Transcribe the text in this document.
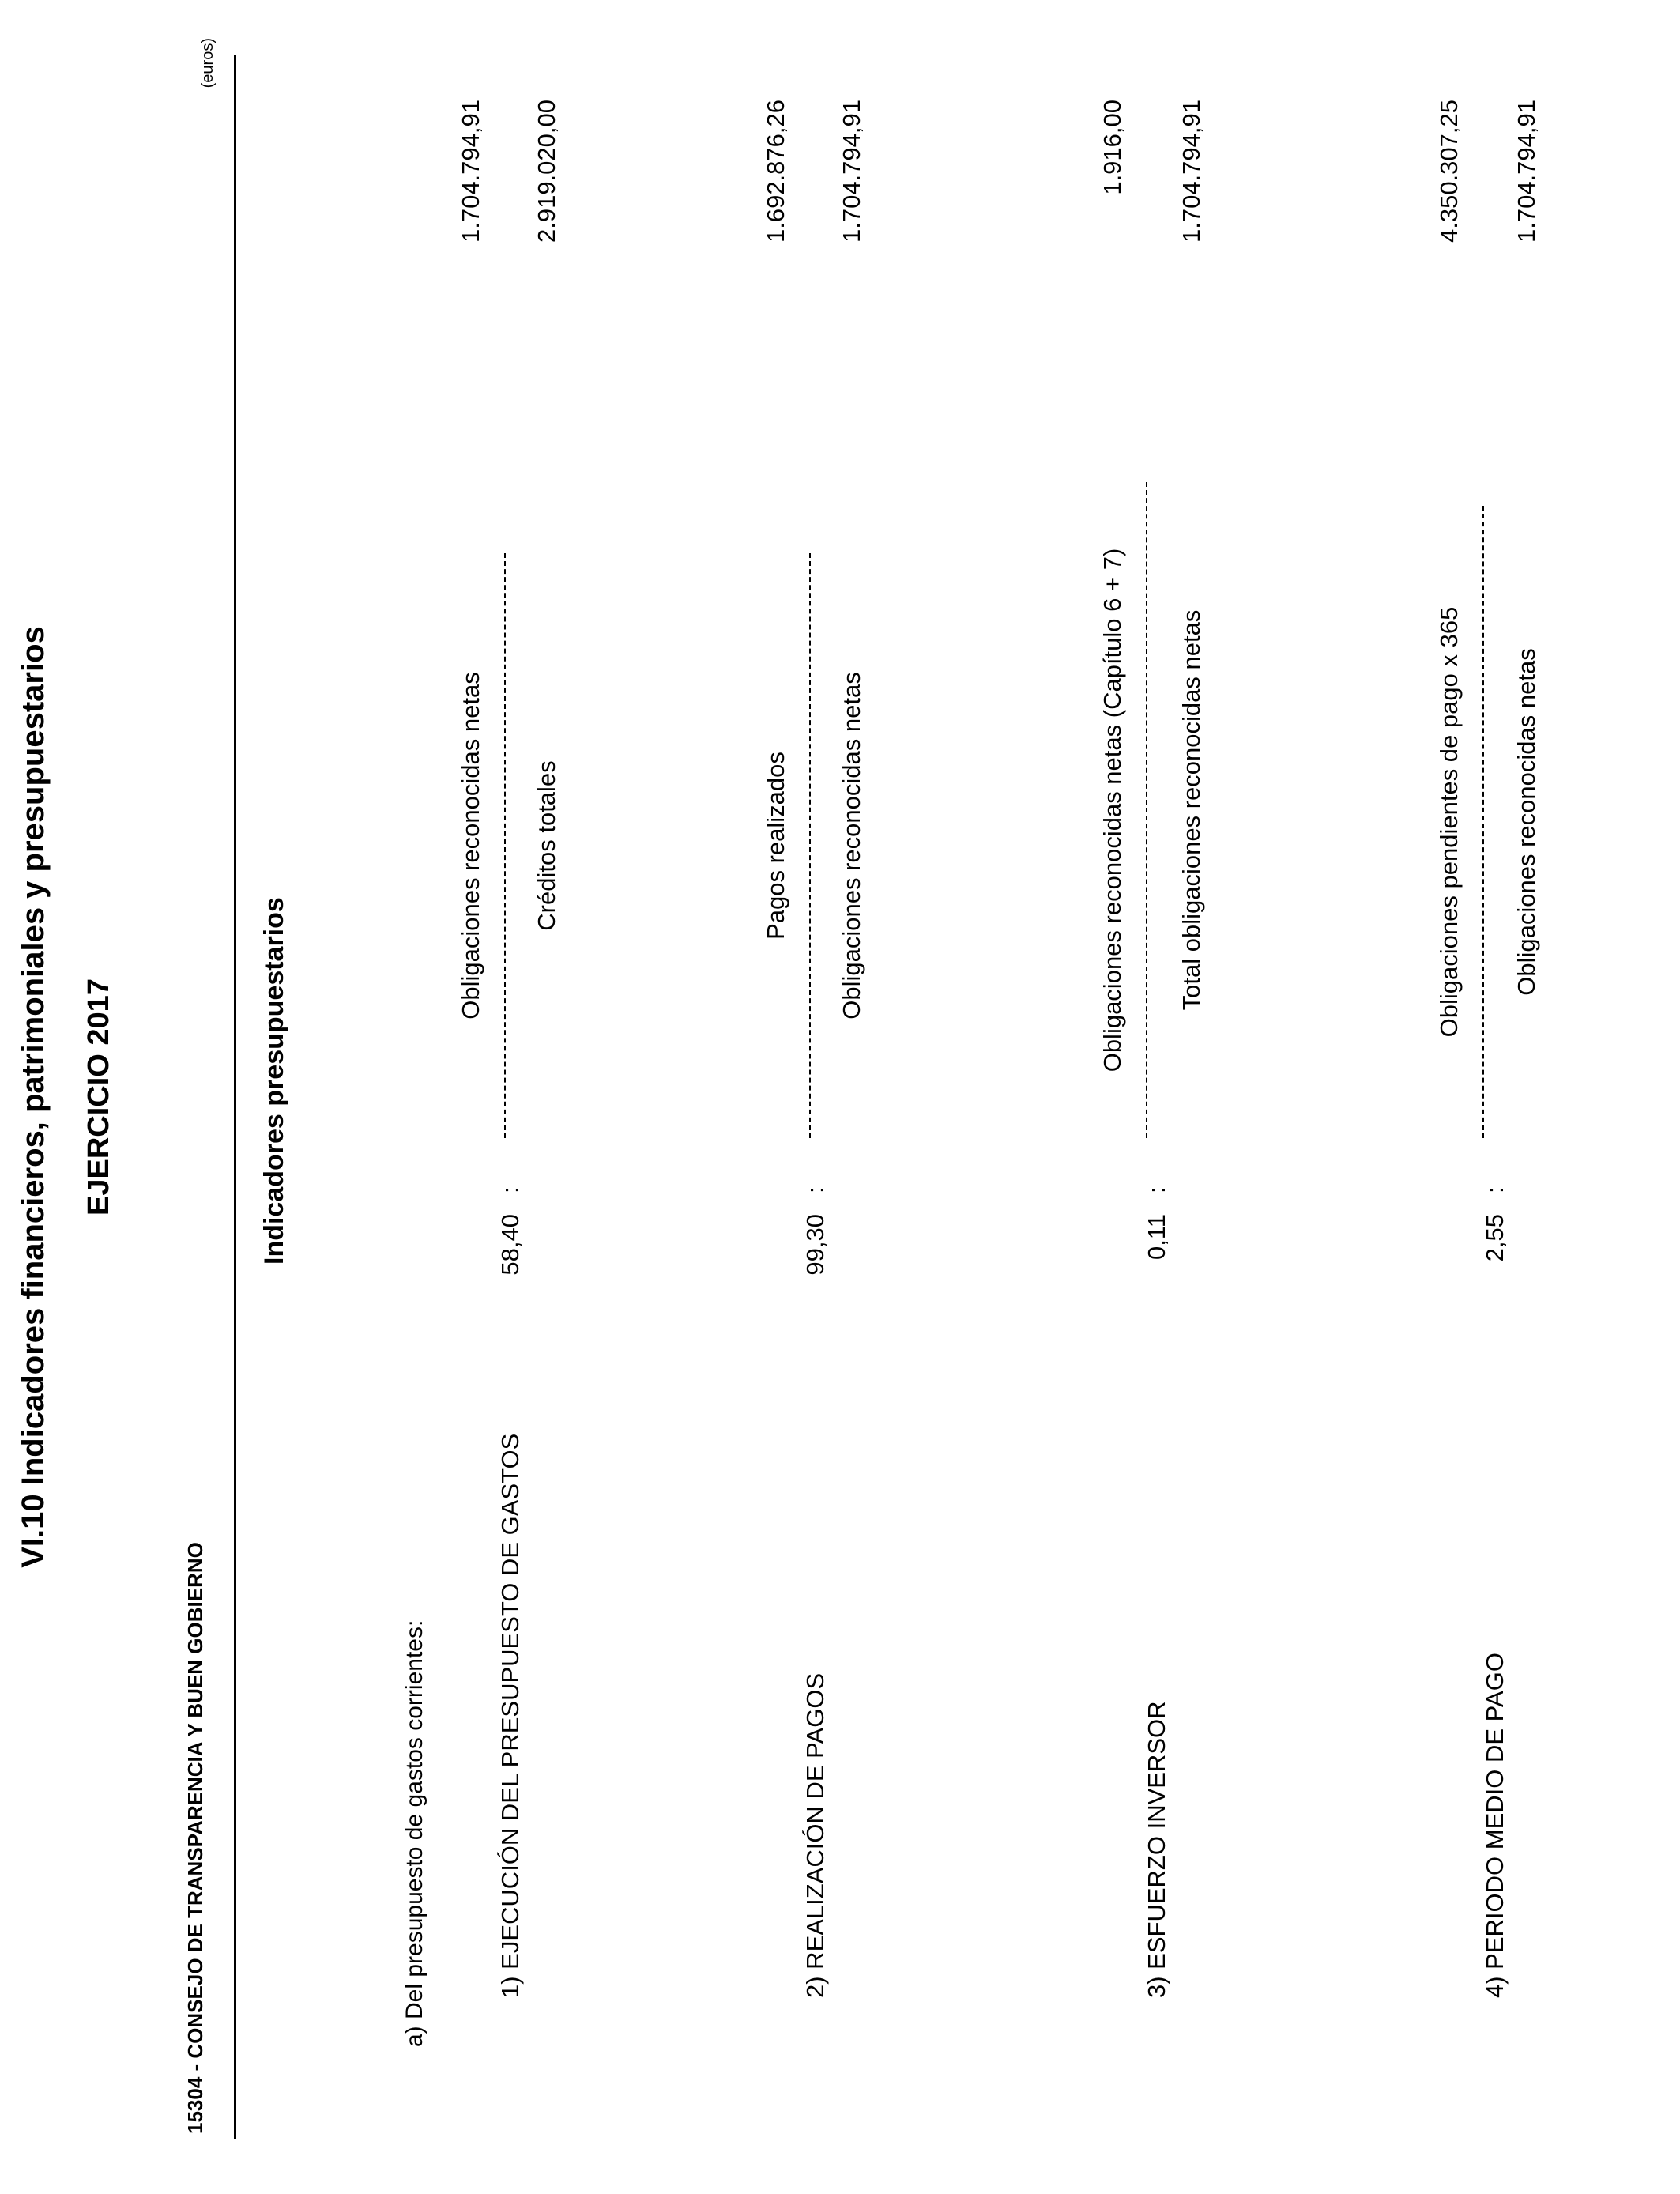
VI.10 Indicadores financieros, patrimoniales y presupuestarios EJERCICIO 2017
15304 - CONSEJO DE TRANSPARENCIA Y BUEN GOBIERNO
(euros)
Indicadores presupuestarios
a) Del presupuesto de gastos corrientes:	1) EJECUCIÓN DEL PRESUPUESTO DE GASTOS
58,40
:
Obligaciones reconocidas netas Créditos totales
1.704.794,91 2.919.020,00
2) REALIZACIÓN DE PAGOS
99,30
:
Pagos realizados Obligaciones reconocidas netas
1.692.876,26 1.704.794,91
3) ESFUERZO INVERSOR
0,11
:
Obligaciones reconocidas netas (Capítulo 6 + 7) Total obligaciones reconocidas netas
1.916,00 1.704.794,91
4) PERIODO MEDIO DE PAGO
2,55
:
Obligaciones pendientes de pago x 365 Obligaciones reconocidas netas
4.350.307,25 1.704.794,91
